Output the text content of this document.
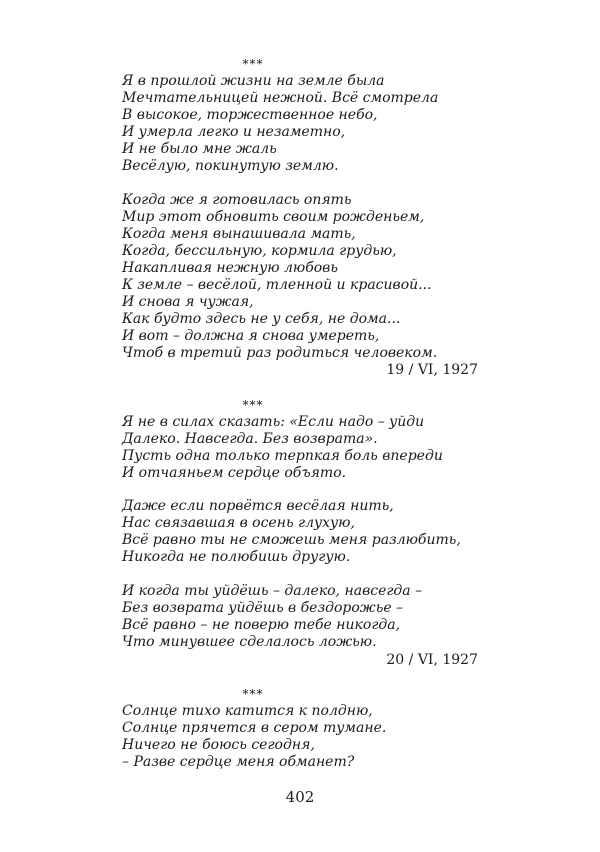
***
Я в прошлой жизни на земле была
Мечтательницей нежной. Всё смотрела
В высокое, торжественное небо,
И умерла легко и незаметно,
И не было мне жаль
Весёлую, покинутую землю.
Когда же я готовилась опять
Мир этот обновить своим рожденьем,
Когда меня вынашивала мать,
Когда, бессильную, кормила грудью,
Накапливая нежную любовь
К земле – весёлой, тленной и красивой...
И снова я чужая,
Как будто здесь не у себя, не дома...
И вот – должна я снова умереть,
Чтоб в третий раз родиться человеком.
19 / VI, 1927
***
Я не в силах сказать: «Если надо – уйди
Далеко. Навсегда. Без возврата».
Пусть одна только терпкая боль впереди
И отчаяньем сердце объято.
Даже если порвётся весёлая нить,
Нас связавшая в осень глухую,
Всё равно ты не сможешь меня разлюбить,
Никогда не полюбишь другую.
И когда ты уйдёшь – далеко, навсегда –
Без возврата уйдёшь в бездорожье –
Всё равно – не поверю тебе никогда,
Что минувшее сделалось ложью.
20 / VI, 1927
***
Солнце тихо катится к полдню,
Солнце прячется в сером тумане.
Ничего не боюсь сегодня,
– Разве сердце меня обманет?
402
